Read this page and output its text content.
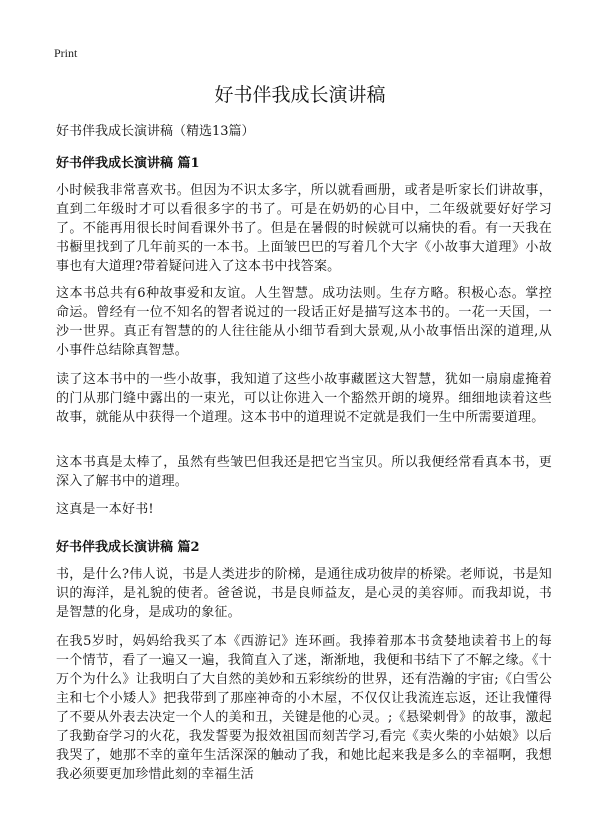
Print
好书伴我成长演讲稿

好书伴我成长演讲稿（精选13篇）

好书伴我成长演讲稿 篇1

小时候我非常喜欢书。但因为不识太多字，所以就看画册，或者是听家长们讲故事，直到二年级时才可以看很多字的书了。可是在奶奶的心目中，二年级就要好好学习了。不能再用很长时间看课外书了。但是在暑假的时候就可以痛快的看。有一天我在书橱里找到了几年前买的一本书。上面皱巴巴的写着几个大字《小故事大道理》小故事也有大道理?带着疑问进入了这本书中找答案。

这本书总共有6种故事爱和友谊。人生智慧。成功法则。生存方略。积极心态。掌控命运。曾经有一位不知名的智者说过的一段话正好是描写这本书的。一花一天国，一沙一世界。真正有智慧的的人往往能从小细节看到大景观,从小故事悟出深的道理,从小事件总结除真智慧。

读了这本书中的一些小故事，我知道了这些小故事藏匿这大智慧，犹如一扇扇虚掩着的门从那门缝中露出的一束光，可以让你进入一个豁然开朗的境界。细细地读着这些故事，就能从中获得一个道理。这本书中的道理说不定就是我们一生中所需要道理。

这本书真是太棒了，虽然有些皱巴但我还是把它当宝贝。所以我便经常看真本书，更深入了解书中的道理。

这真是一本好书!

好书伴我成长演讲稿 篇2

书，是什么?伟人说，书是人类进步的阶梯，是通往成功彼岸的桥梁。老师说，书是知识的海洋，是礼貌的使者。爸爸说，书是良师益友，是心灵的美容师。而我却说，书是智慧的化身，是成功的象征。

在我5岁时，妈妈给我买了本《西游记》连环画。我捧着那本书贪婪地读着书上的每一个情节，看了一遍又一遍，我简直入了迷，渐渐地，我便和书结下了不解之缘。《十万个为什么》让我明白了大自然的美妙和五彩缤纷的世界，还有浩瀚的宇宙;《白雪公主和七个小矮人》把我带到了那座神奇的小木屋，不仅仅让我流连忘返，还让我懂得了不要从外表去决定一个人的美和丑，关键是他的心灵。;《悬梁刺骨》的故事，激起了我勤奋学习的火花，我发誓要为报效祖国而刻苦学习,看完《卖火柴的小姑娘》以后我哭了，她那不幸的童年生活深深的触动了我，和她比起来我是多么的幸福啊，我想我必须要更加珍惜此刻的幸福生活
